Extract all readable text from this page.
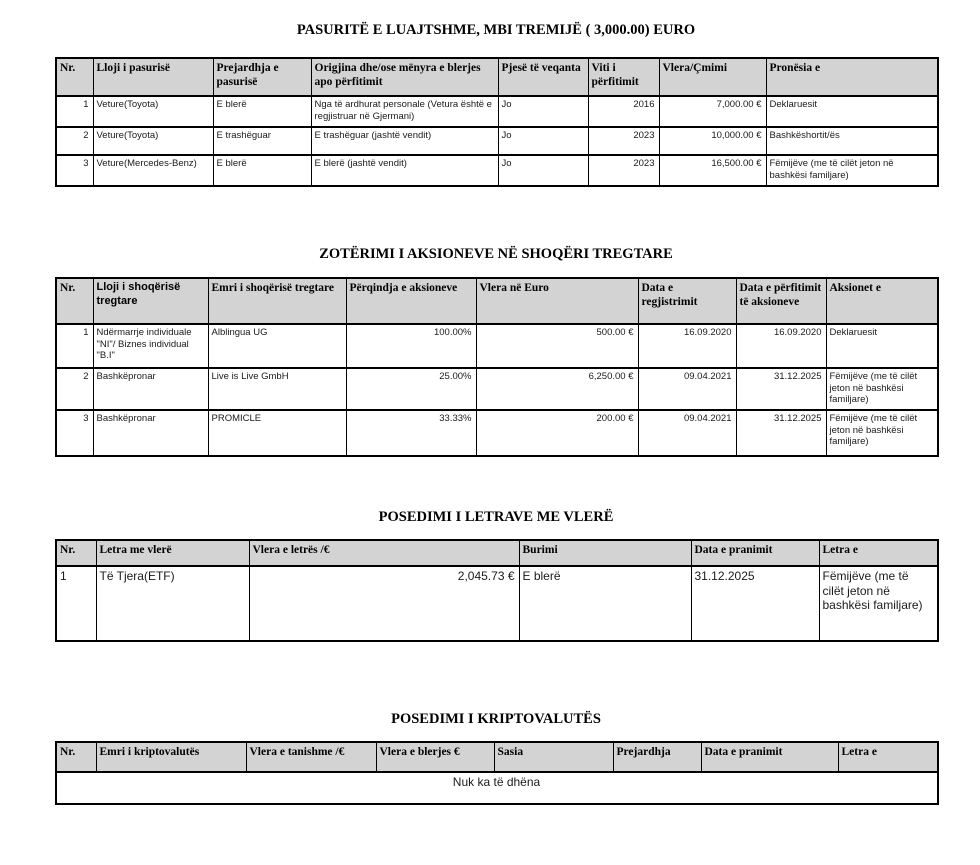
PASURITË E LUAJTSHME, MBI TREMIJË ( 3,000.00) EURO
Nr.	Lloji i pasurisë	Prejardhja e pasurisë	Origjina dhe/ose mënyra e blerjes apo përfitimit	Pjesë të veqanta	Viti i përfitimit	Vlera/Çmimi	Pronësia e
1	Veture(Toyota)	E blerë	Nga të ardhurat personale (Vetura është e regjistruar në Gjermani)	Jo	2016	7,000.00 €	Deklaruesit
2	Veture(Toyota)	E trashëguar	E trashëguar (jashtë vendit)	Jo	2023	10,000.00 €	Bashkëshortit/ës
3	Veture(Mercedes-Benz)	E blerë	E blerë (jashtë vendit)	Jo	2023	16,500.00 €	Fëmijëve (me të cilët jeton në bashkësi familjare)
ZOTËRIMI I AKSIONEVE NË SHOQËRI TREGTARE
Nr.	Lloji i shoqërisë tregtare	Emri i shoqërisë tregtare	Përqindja e aksioneve	Vlera në Euro	Data e regjistrimit	Data e përfitimit të aksioneve	Aksionet e
1	Ndërmarrje individuale "NI"/ Biznes individual "B.I"	Alblingua UG	100.00%	500.00 €	16.09.2020	16.09.2020	Deklaruesit
2	Bashkëpronar	Live is Live GmbH	25.00%	6,250.00 €	09.04.2021	31.12.2025	Fëmijëve (me të cilët jeton në bashkësi familjare)
3	Bashkëpronar	PROMICLE	33.33%	200.00 €	09.04.2021	31.12.2025	Fëmijëve (me të cilët jeton në bashkësi familjare)
POSEDIMI I LETRAVE ME VLERË
Nr.	Letra me vlerë	Vlera e letrës /€	Burimi	Data e pranimit	Letra e
1	Të Tjera(ETF)	2,045.73 €	E blerë	31.12.2025	Fëmijëve (me të cilët jeton në bashkësi familjare)
POSEDIMI I KRIPTOVALUTËS
Nr.	Emri i kriptovalutës	Vlera e tanishme /€	Vlera e blerjes €	Sasia	Prejardhja	Data e pranimit	Letra e
Nuk ka të dhëna
